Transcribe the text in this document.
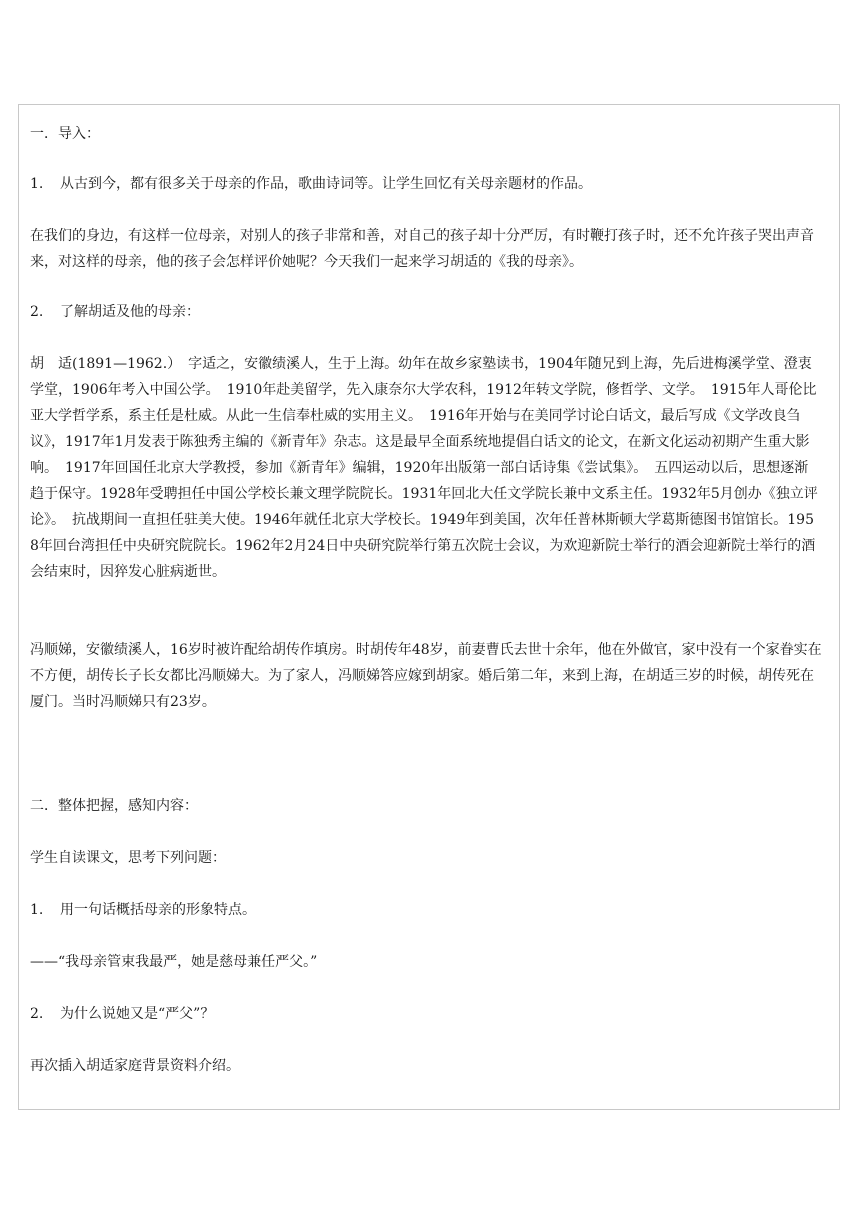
一．导入：

1. 从古到今，都有很多关于母亲的作品，歌曲诗词等。让学生回忆有关母亲题材的作品。

在我们的身边，有这样一位母亲，对别人的孩子非常和善，对自己的孩子却十分严厉，有时鞭打孩子时，还不允许孩子哭出声音来，对这样的母亲，他的孩子会怎样评价她呢？今天我们一起来学习胡适的《我的母亲》。

2. 了解胡适及他的母亲：

胡　适(1891—1962.）　字适之，安徽绩溪人，生于上海。幼年在故乡家塾读书，1904年随兄到上海，先后进梅溪学堂、澄衷学堂，1906年考入中国公学。　1910年赴美留学，先入康奈尔大学农科，1912年转文学院，修哲学、文学。　1915年人哥伦比亚大学哲学系，系主任是杜威。从此一生信奉杜威的实用主义。　1916年开始与在美同学讨论白话文，最后写成《文学改良刍议》，1917年1月发表于陈独秀主编的《新青年》杂志。这是最早全面系统地提倡白话文的论文，在新文化运动初期产生重大影响。　1917年回国任北京大学教授，参加《新青年》编辑，1920年出版第一部白话诗集《尝试集》。　五四运动以后，思想逐渐趋于保守。1928年受聘担任中国公学校长兼文理学院院长。1931年回北大任文学院长兼中文系主任。1932年5月创办《独立评论》。　抗战期间一直担任驻美大使。1946年就任北京大学校长。1949年到美国，次年任普林斯顿大学葛斯德图书馆馆长。1958年回台湾担任中央研究院院长。1962年2月24日中央研究院举行第五次院士会议，为欢迎新院士举行的酒会迎新院士举行的酒会结束时，因猝发心脏病逝世。

冯顺娣，安徽绩溪人，16岁时被许配给胡传作填房。时胡传年48岁，前妻曹氏去世十余年，他在外做官，家中没有一个家眷实在不方便，胡传长子长女都比冯顺娣大。为了家人，冯顺娣答应嫁到胡家。婚后第二年，来到上海，在胡适三岁的时候，胡传死在厦门。当时冯顺娣只有23岁。

二．整体把握，感知内容：

学生自读课文，思考下列问题：

1. 用一句话概括母亲的形象特点。

——“我母亲管束我最严，她是慈母兼任严父。”

2. 为什么说她又是“严父”？

再次插入胡适家庭背景资料介绍。
